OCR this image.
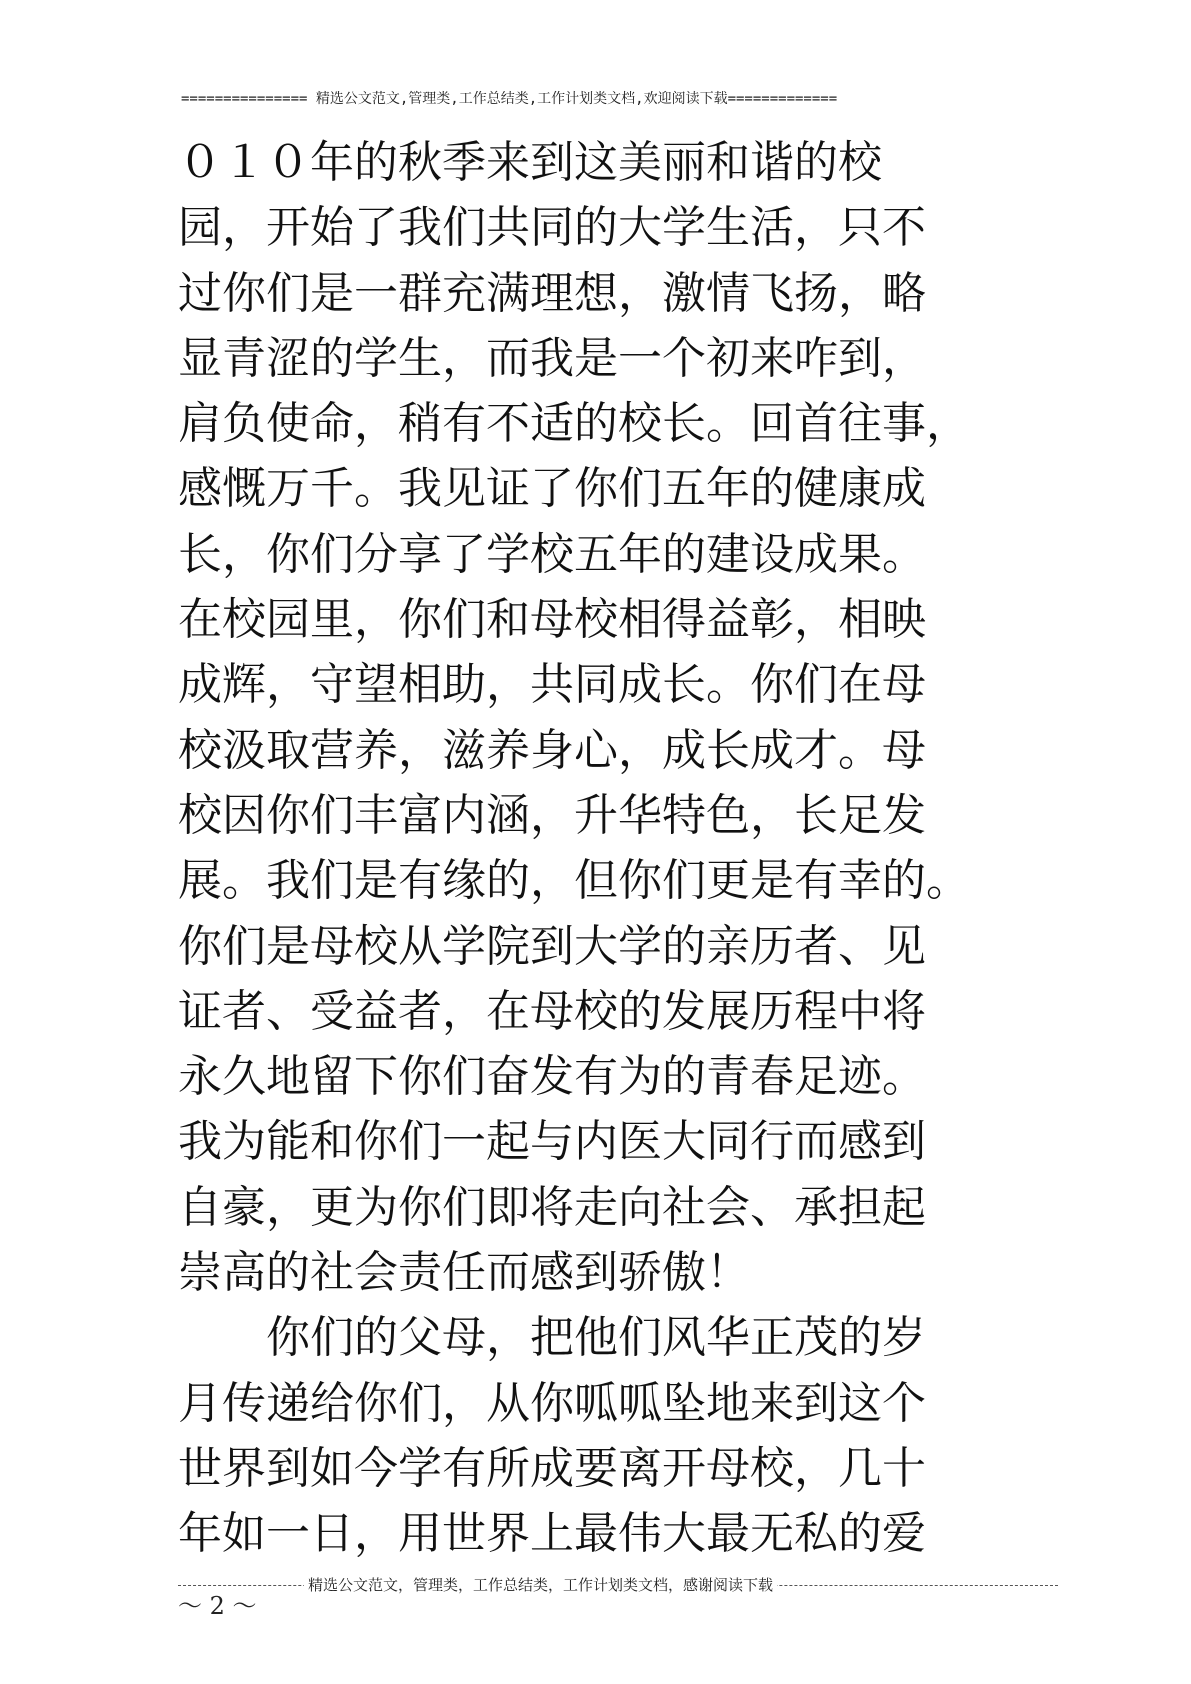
=============== 精选公文范文,管理类,工作总结类,工作计划类文档,欢迎阅读下载=============
０１０年的秋季来到这美丽和谐的校
园，开始了我们共同的大学生活，只不
过你们是一群充满理想，激情飞扬，略
显青涩的学生，而我是一个初来咋到，
肩负使命，稍有不适的校长。回首往事，
感慨万千。我见证了你们五年的健康成
长，你们分享了学校五年的建设成果。
在校园里，你们和母校相得益彰，相映
成辉，守望相助，共同成长。你们在母
校汲取营养，滋养身心，成长成才。母
校因你们丰富内涵，升华特色，长足发
展。我们是有缘的，但你们更是有幸的。
你们是母校从学院到大学的亲历者、见
证者、受益者，在母校的发展历程中将
永久地留下你们奋发有为的青春足迹。
我为能和你们一起与内医大同行而感到
自豪，更为你们即将走向社会、承担起
崇高的社会责任而感到骄傲！
　　你们的父母，把他们风华正茂的岁
月传递给你们，从你呱呱坠地来到这个
世界到如今学有所成要离开母校，几十
年如一日，用世界上最伟大最无私的爱
精选公文范文，管理类，工作总结类，工作计划类文档，感谢阅读下载
～ 2 ～
